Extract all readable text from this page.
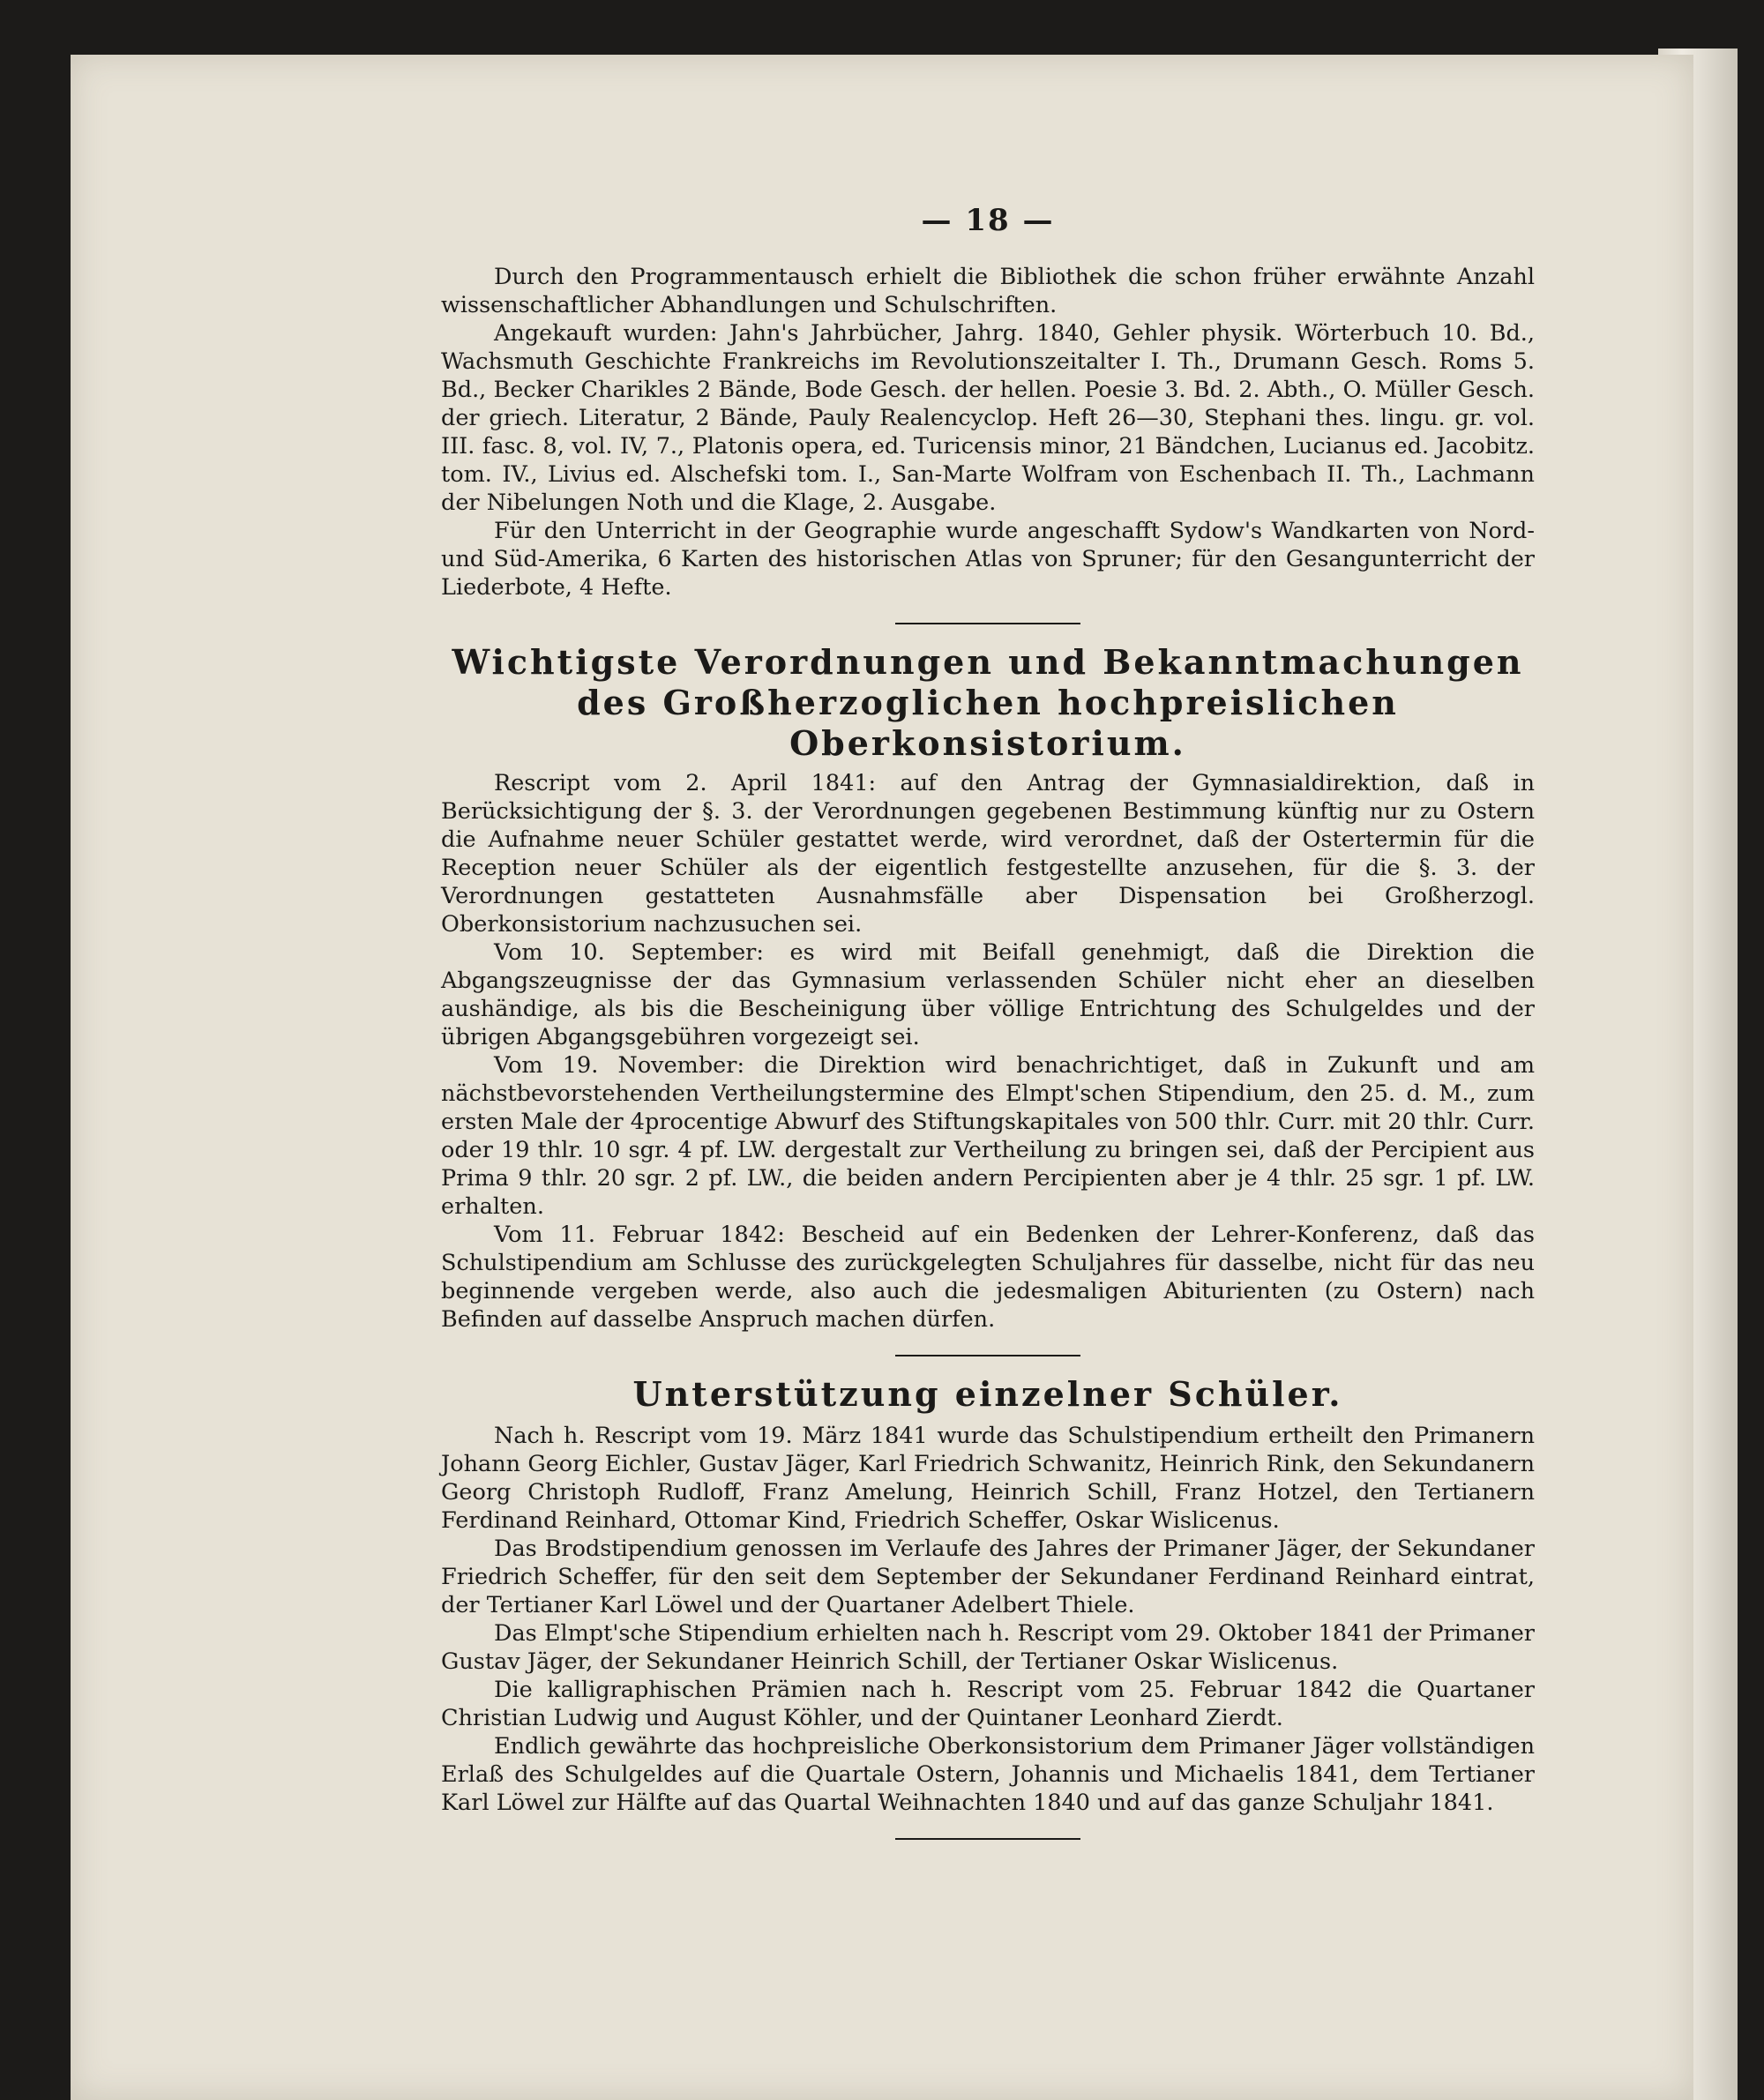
— 18 —

Durch den Programmentausch erhielt die Bibliothek die schon früher erwähnte Anzahl wissenschaftlicher Abhandlungen und Schulschriften.

Angekauft wurden: Jahn's Jahrbücher, Jahrg. 1840, Gehler physik. Wörterbuch 10. Bd., Wachsmuth Geschichte Frankreichs im Revolutionszeitalter I. Th., Drumann Gesch. Roms 5. Bd., Becker Charikles 2 Bände, Bode Gesch. der hellen. Poesie 3. Bd. 2. Abth., O. Müller Gesch. der griech. Literatur, 2 Bände, Pauly Realencyclop. Heft 26—30, Stephani thes. lingu. gr. vol. III. fasc. 8, vol. IV, 7., Platonis opera, ed. Turicensis minor, 21 Bändchen, Lucianus ed. Jacobitz. tom. IV., Livius ed. Alschefski tom. I., San-Marte Wolfram von Eschenbach II. Th., Lachmann der Nibelungen Noth und die Klage, 2. Ausgabe.

Für den Unterricht in der Geographie wurde angeschafft Sydow's Wandkarten von Nord- und Süd-Amerika, 6 Karten des historischen Atlas von Spruner; für den Gesangunterricht der Liederbote, 4 Hefte.

Wichtigste Verordnungen und Bekanntmachungen des Großherzoglichen hochpreislichen Oberkonsistorium.

Rescript vom 2. April 1841: auf den Antrag der Gymnasialdirektion, daß in Berücksichtigung der §. 3. der Verordnungen gegebenen Bestimmung künftig nur zu Ostern die Aufnahme neuer Schüler gestattet werde, wird verordnet, daß der Ostertermin für die Reception neuer Schüler als der eigentlich festgestellte anzusehen, für die §. 3. der Verordnungen gestatteten Ausnahmsfälle aber Dispensation bei Großherzogl. Oberkonsistorium nachzusuchen sei.

Vom 10. September: es wird mit Beifall genehmigt, daß die Direktion die Abgangszeugnisse der das Gymnasium verlassenden Schüler nicht eher an dieselben aushändige, als bis die Bescheinigung über völlige Entrichtung des Schulgeldes und der übrigen Abgangsgebühren vorgezeigt sei.

Vom 19. November: die Direktion wird benachrichtiget, daß in Zukunft und am nächstbevorstehenden Vertheilungstermine des Elmpt'schen Stipendium, den 25. d. M., zum ersten Male der 4procentige Abwurf des Stiftungskapitales von 500 thlr. Curr. mit 20 thlr. Curr. oder 19 thlr. 10 sgr. 4 pf. LW. dergestalt zur Vertheilung zu bringen sei, daß der Percipient aus Prima 9 thlr. 20 sgr. 2 pf. LW., die beiden andern Percipienten aber je 4 thlr. 25 sgr. 1 pf. LW. erhalten.

Vom 11. Februar 1842: Bescheid auf ein Bedenken der Lehrer-Konferenz, daß das Schulstipendium am Schlusse des zurückgelegten Schuljahres für dasselbe, nicht für das neu beginnende vergeben werde, also auch die jedesmaligen Abiturienten (zu Ostern) nach Befinden auf dasselbe Anspruch machen dürfen.

Unterstützung einzelner Schüler.

Nach h. Rescript vom 19. März 1841 wurde das Schulstipendium ertheilt den Primanern Johann Georg Eichler, Gustav Jäger, Karl Friedrich Schwanitz, Heinrich Rink, den Sekundanern Georg Christoph Rudloff, Franz Amelung, Heinrich Schill, Franz Hotzel, den Tertianern Ferdinand Reinhard, Ottomar Kind, Friedrich Scheffer, Oskar Wislicenus.

Das Brodstipendium genossen im Verlaufe des Jahres der Primaner Jäger, der Sekundaner Friedrich Scheffer, für den seit dem September der Sekundaner Ferdinand Reinhard eintrat, der Tertianer Karl Löwel und der Quartaner Adelbert Thiele.

Das Elmpt'sche Stipendium erhielten nach h. Rescript vom 29. Oktober 1841 der Primaner Gustav Jäger, der Sekundaner Heinrich Schill, der Tertianer Oskar Wislicenus.

Die kalligraphischen Prämien nach h. Rescript vom 25. Februar 1842 die Quartaner Christian Ludwig und August Köhler, und der Quintaner Leonhard Zierdt.

Endlich gewährte das hochpreisliche Oberkonsistorium dem Primaner Jäger vollständigen Erlaß des Schulgeldes auf die Quartale Ostern, Johannis und Michaelis 1841, dem Tertianer Karl Löwel zur Hälfte auf das Quartal Weihnachten 1840 und auf das ganze Schuljahr 1841.
